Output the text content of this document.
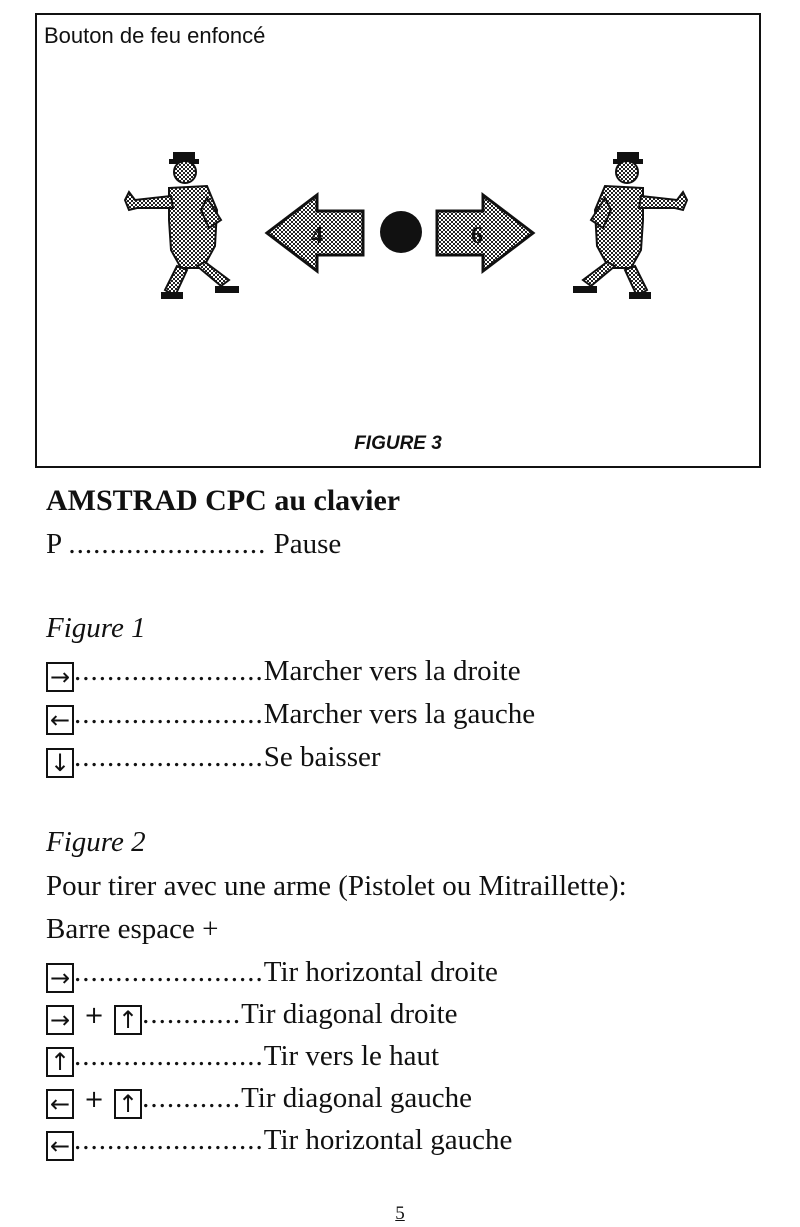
Bouton de feu enfoncé
4	6
FIGURE 3
AMSTRAD CPC au clavier
P ........................ Pause
Figure 1
→ .......................Marcher vers la droite
← .......................Marcher vers la gauche
↓ .......................Se baisser
Figure 2
Pour tirer avec une arme (Pistolet ou Mitraillette):
Barre espace +
→ .......................Tir horizontal droite
→ + ↑ ............Tir diagonal droite
↑ .......................Tir vers le haut
← + ↑ ............Tir diagonal gauche
← .......................Tir horizontal gauche
5
